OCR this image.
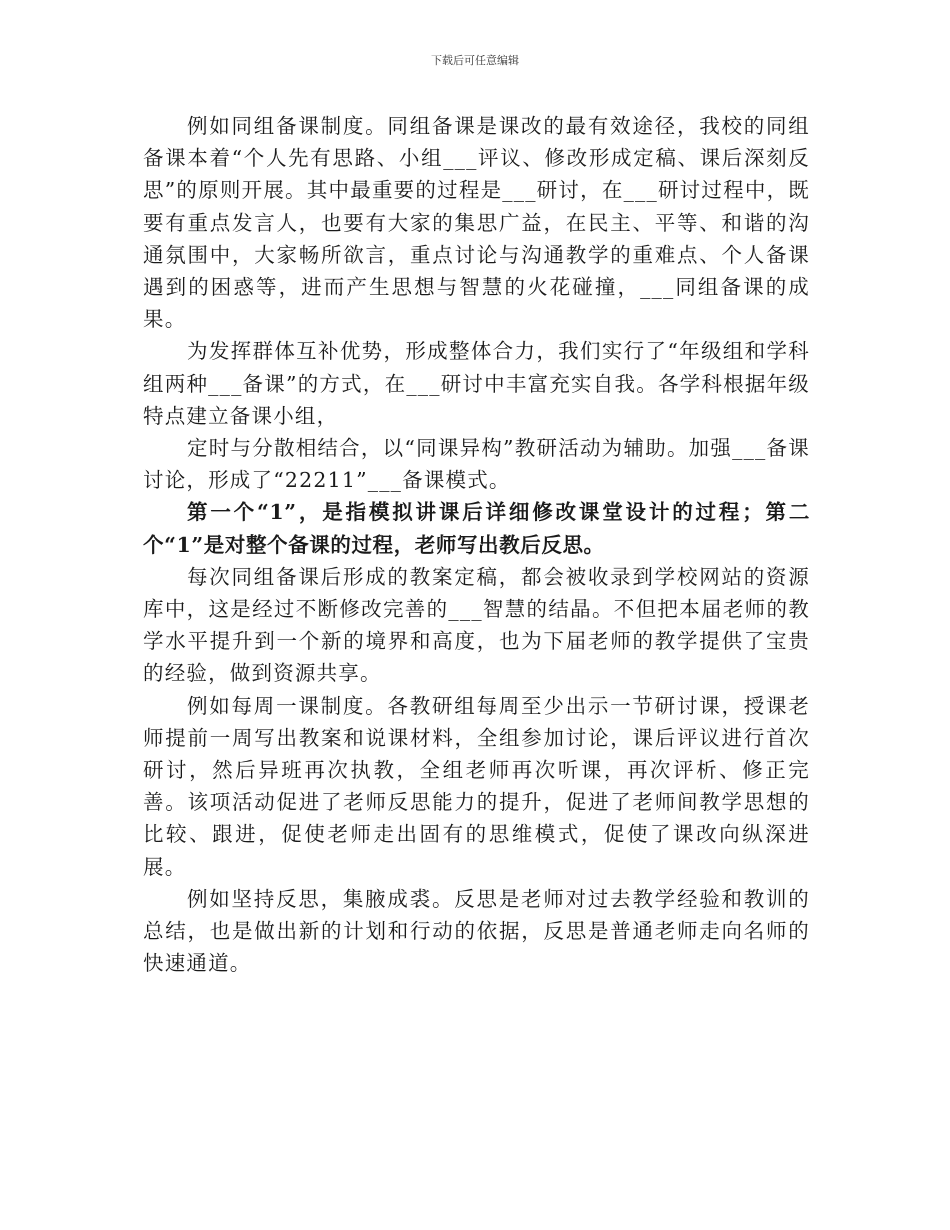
下载后可任意编辑

例如同组备课制度。同组备课是课改的最有效途径，我校的同组备课本着“个人先有思路、小组___评议、修改形成定稿、课后深刻反思”的原则开展。其中最重要的过程是___研讨，在___研讨过程中，既要有重点发言人，也要有大家的集思广益，在民主、平等、和谐的沟通氛围中，大家畅所欲言，重点讨论与沟通教学的重难点、个人备课遇到的困惑等，进而产生思想与智慧的火花碰撞，___同组备课的成果。

为发挥群体互补优势，形成整体合力，我们实行了“年级组和学科组两种___备课”的方式，在___研讨中丰富充实自我。各学科根据年级特点建立备课小组，

定时与分散相结合，以“同课异构”教研活动为辅助。加强___备课讨论，形成了“22211”___备课模式。

第一个“1”，是指模拟讲课后详细修改课堂设计的过程；第二个“1”是对整个备课的过程，老师写出教后反思。

每次同组备课后形成的教案定稿，都会被收录到学校网站的资源库中，这是经过不断修改完善的___智慧的结晶。不但把本届老师的教学水平提升到一个新的境界和高度，也为下届老师的教学提供了宝贵的经验，做到资源共享。

例如每周一课制度。各教研组每周至少出示一节研讨课，授课老师提前一周写出教案和说课材料，全组参加讨论，课后评议进行首次研讨，然后异班再次执教，全组老师再次听课，再次评析、修正完善。该项活动促进了老师反思能力的提升，促进了老师间教学思想的比较、跟进，促使老师走出固有的思维模式，促使了课改向纵深进展。

例如坚持反思，集腋成裘。反思是老师对过去教学经验和教训的总结，也是做出新的计划和行动的依据，反思是普通老师走向名师的快速通道。
